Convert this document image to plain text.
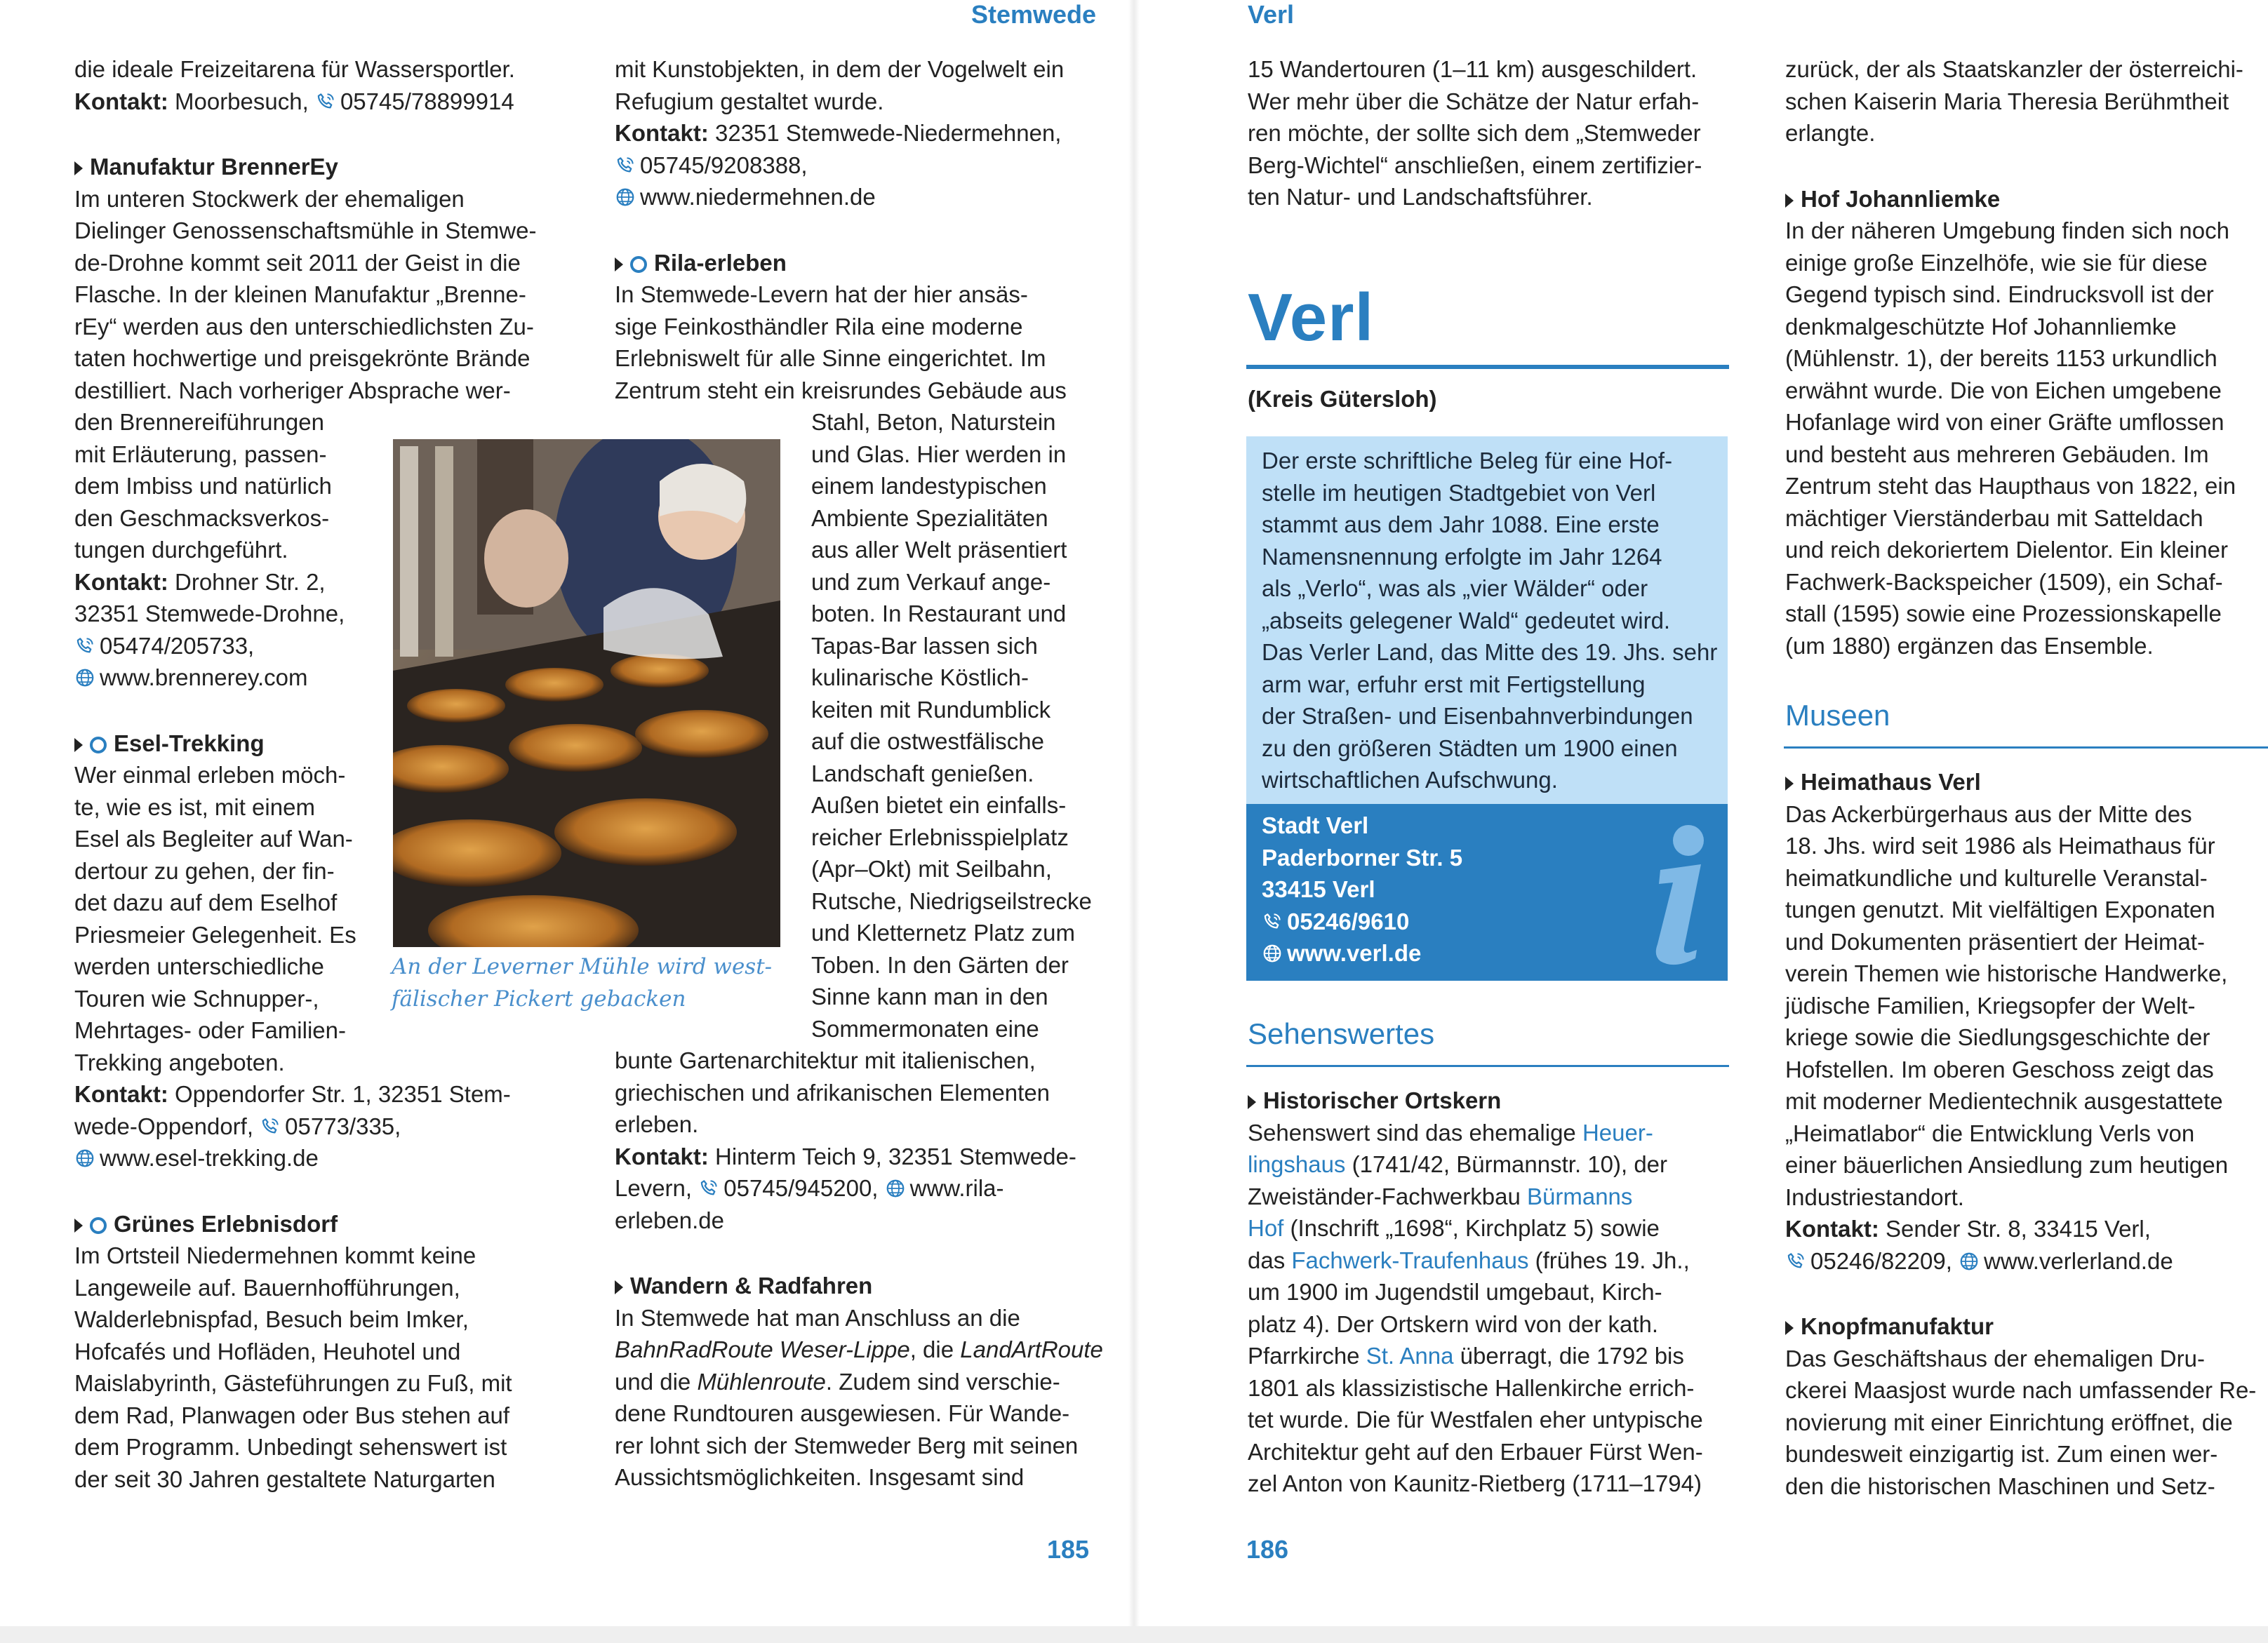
Stemwede

die ideale Freizeitarena für Wassersportler.

Kontakt: Moorbesuch, 05745/78899914

Manufaktur BrennerEy

Im unteren Stockwerk der ehemaligen

Dielinger Genossenschaftsmühle in Stemwe-

de-Drohne kommt seit 2011 der Geist in die

Flasche. In der kleinen Manufaktur „Brenne-

rEy“ werden aus den unterschiedlichsten Zu-

taten hochwertige und preisgekrönte Brände

destilliert. Nach vorheriger Absprache wer-

den Brennereiführungen

mit Erläuterung, passen-

dem Imbiss und natürlich

den Geschmacksverkos-

tungen durchgeführt.

Kontakt: Drohner Str. 2,

32351 Stemwede-Drohne,

05474/205733,

www.brennerey.com

Esel-Trekking

Wer einmal erleben möch-

te, wie es ist, mit einem

Esel als Begleiter auf Wan-

dertour zu gehen, der fin-

det dazu auf dem Eselhof

Priesmeier Gelegenheit. Es

werden unterschiedliche

Touren wie Schnupper-,

Mehrtages- oder Familien-

Trekking angeboten.

Kontakt: Oppendorfer Str. 1, 32351 Stem-

wede-Oppendorf, 05773/335,

www.esel-trekking.de

Grünes Erlebnisdorf

Im Ortsteil Niedermehnen kommt keine

Langeweile auf. Bauernhofführungen,

Walderlebnispfad, Besuch beim Imker,

Hofcafés und Hofläden, Heuhotel und

Maislabyrinth, Gästeführungen zu Fuß, mit

dem Rad, Planwagen oder Bus stehen auf

dem Programm. Unbedingt sehenswert ist

der seit 30 Jahren gestaltete Naturgarten

An der Leverner Mühle wird west-
fälischer Pickert gebacken

mit Kunstobjekten, in dem der Vogelwelt ein

Refugium gestaltet wurde.

Kontakt: 32351 Stemwede-Niedermehnen,

05745/9208388,

www.niedermehnen.de

Rila-erleben

In Stemwede-Levern hat der hier ansäs-

sige Feinkosthändler Rila eine moderne

Erlebniswelt für alle Sinne eingerichtet. Im

Zentrum steht ein kreisrundes Gebäude aus

Stahl, Beton, Naturstein

und Glas. Hier werden in

einem landestypischen

Ambiente Spezialitäten

aus aller Welt präsentiert

und zum Verkauf ange-

boten. In Restaurant und

Tapas-Bar lassen sich

kulinarische Köstlich-

keiten mit Rundumblick

auf die ostwestfälische

Landschaft genießen.

Außen bietet ein einfalls-

reicher Erlebnisspielplatz

(Apr–Okt) mit Seilbahn,

Rutsche, Niedrigseilstrecke

und Kletternetz Platz zum

Toben. In den Gärten der

Sinne kann man in den

Sommermonaten eine

bunte Gartenarchitektur mit italienischen,

griechischen und afrikanischen Elementen

erleben.

Kontakt: Hinterm Teich 9, 32351 Stemwede-

Levern, 05745/945200, www.rila-

erleben.de

Wandern & Radfahren

In Stemwede hat man Anschluss an die

BahnRadRoute Weser-Lippe, die LandArtRoute

und die Mühlenroute. Zudem sind verschie-

dene Rundtouren ausgewiesen. Für Wande-

rer lohnt sich der Stemweder Berg mit seinen

Aussichtsmöglichkeiten. Insgesamt sind

185
Verl

15 Wandertouren (1–11 km) ausgeschildert.

Wer mehr über die Schätze der Natur erfah-

ren möchte, der sollte sich dem „Stemweder

Berg-Wichtel“ anschließen, einem zertifizier-

ten Natur- und Landschaftsführer.

Verl
(Kreis Gütersloh)

Der erste schriftliche Beleg für eine Hof-

stelle im heutigen Stadtgebiet von Verl

stammt aus dem Jahr 1088. Eine erste

Namensnennung erfolgte im Jahr 1264

als „Verlo“, was als „vier Wälder“ oder

„abseits gelegener Wald“ gedeutet wird.

Das Verler Land, das Mitte des 19. Jhs. sehr

arm war, erfuhr erst mit Fertigstellung

der Straßen- und Eisenbahnverbindungen

zu den größeren Städten um 1900 einen

wirtschaftlichen Aufschwung.

Stadt Verl
Paderborner Str. 5
33415 Verl
05246/9610
www.verl.de
Sehenswertes

Historischer Ortskern

Sehenswert sind das ehemalige Heuer-

lingshaus (1741/42, Bürmannstr. 10), der

Zweiständer-Fachwerkbau Bürmanns

Hof (Inschrift „1698“, Kirchplatz 5) sowie

das Fachwerk-Traufenhaus (frühes 19. Jh.,

um 1900 im Jugendstil umgebaut, Kirch-

platz 4). Der Ortskern wird von der kath.

Pfarrkirche St. Anna überragt, die 1792 bis

1801 als klassizistische Hallenkirche errich-

tet wurde. Die für Westfalen eher untypische

Architektur geht auf den Erbauer Fürst Wen-

zel Anton von Kaunitz-Rietberg (1711–1794)

zurück, der als Staatskanzler der österreichi-

schen Kaiserin Maria Theresia Berühmtheit

erlangte.

Hof Johannliemke

In der näheren Umgebung finden sich noch

einige große Einzelhöfe, wie sie für diese

Gegend typisch sind. Eindrucksvoll ist der

denkmalgeschützte Hof Johannliemke

(Mühlenstr. 1), der bereits 1153 urkundlich

erwähnt wurde. Die von Eichen umgebene

Hofanlage wird von einer Gräfte umflossen

und besteht aus mehreren Gebäuden. Im

Zentrum steht das Haupthaus von 1822, ein

mächtiger Vierständerbau mit Satteldach

und reich dekoriertem Dielentor. Ein kleiner

Fachwerk-Backspeicher (1509), ein Schaf-

stall (1595) sowie eine Prozessionskapelle

(um 1880) ergänzen das Ensemble.

Museen

Heimathaus Verl

Das Ackerbürgerhaus aus der Mitte des

18. Jhs. wird seit 1986 als Heimathaus für

heimatkundliche und kulturelle Veranstal-

tungen genutzt. Mit vielfältigen Exponaten

und Dokumenten präsentiert der Heimat-

verein Themen wie historische Handwerke,

jüdische Familien, Kriegsopfer der Welt-

kriege sowie die Siedlungsgeschichte der

Hofstellen. Im oberen Geschoss zeigt das

mit moderner Medientechnik ausgestattete

„Heimatlabor“ die Entwicklung Verls von

einer bäuerlichen Ansiedlung zum heutigen

Industriestandort.

Kontakt: Sender Str. 8, 33415 Verl,

05246/82209, www.verlerland.de

Knopfmanufaktur

Das Geschäftshaus der ehemaligen Dru-

ckerei Maasjost wurde nach umfassender Re-

novierung mit einer Einrichtung eröffnet, die

bundesweit einzigartig ist. Zum einen wer-

den die historischen Maschinen und Setz-

186
